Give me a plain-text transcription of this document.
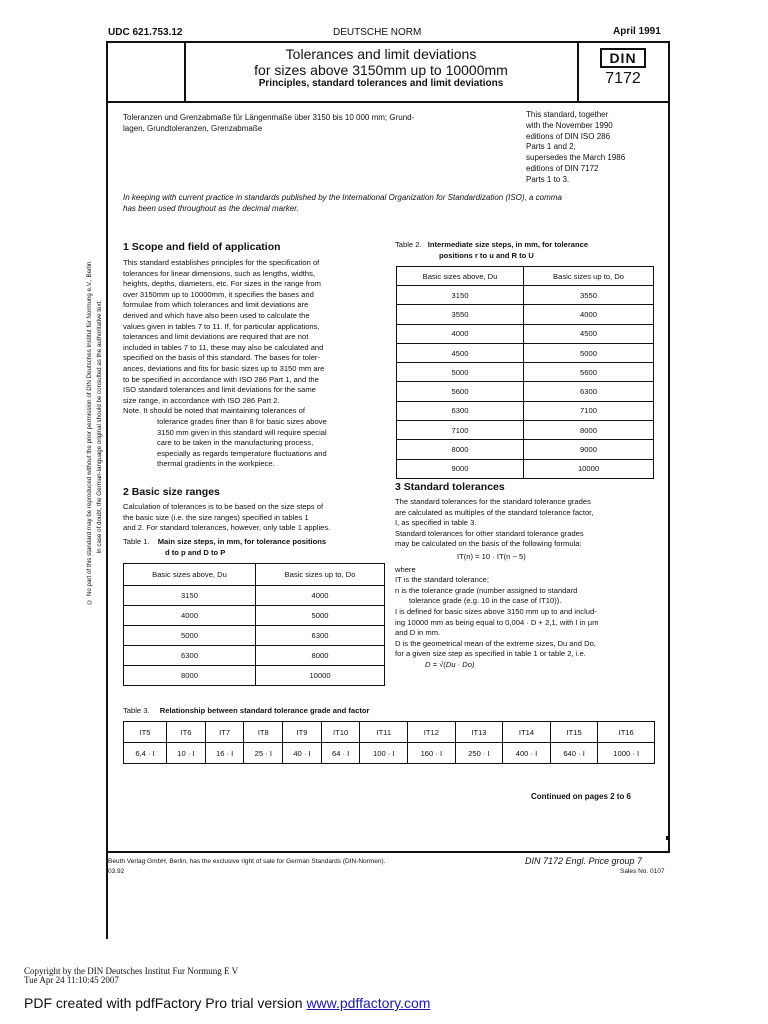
UDC 621.753.12	DEUTSCHE NORM	April 1991
Tolerances and limit deviations
for sizes above 3150mm up to 10000mm
Principles, standard tolerances and limit deviations
DIN
7172
Toleranzen und Grenzabmaße für Längenmaße über 3150 bis 10 000 mm; Grund-
lagen, Grundtoleranzen, Grenzabmaße
This standard, together
with the November 1990
editions of DIN ISO 286
Parts 1 and 2,
supersedes the March 1986
editions of DIN 7172
Parts 1 to 3.
In keeping with current practice in standards published by the International Organization for Standardization (ISO), a comma
has been used throughout as the decimal marker.
© No part of this standard may be reproduced without the prior permission of DIN Deutsches Institut für Normung e.V., Berlin. In case of doubt, the German-language original should be consulted as the authoritative text.
1 Scope and field of application

This standard establishes principles for the specification of

tolerances for linear dimensions, such as lengths, widths,

heights, depths, diameters, etc. For sizes in the range from

over 3150mm up to 10000mm, it specifies the bases and

formulae from which tolerances and limit deviations are

derived and which have also been used to calculate the

values given in tables 7 to 11. If, for particular applications,

tolerances and limit deviations are required that are not

included in tables 7 to 11, these may also be calculated and

specified on the basis of this standard. The bases for toler-

ances, deviations and fits for basic sizes up to 3150 mm are

to be specified in accordance with ISO 286 Part 1, and the

ISO standard tolerances and limit deviations for the same

size range, in accordance with ISO 286 Part 2.

Note. It should be noted that maintaining tolerances of

tolerance grades finer than 8 for basic sizes above

3150 mm given in this standard will require special

care to be taken in the manufacturing process,

especially as regards temperature fluctuations and

thermal gradients in the workpiece.

2 Basic size ranges

Calculation of tolerances is to be based on the size steps of

the basic size (i.e. the size ranges) specified in tables 1

and 2. For standard tolerances, however, only table 1 applies.

Table 1. Main size steps, in mm, for tolerance positions
d to p and D to P
Basic sizes above, Du	Basic sizes up to, Do
3150	4000
4000	5000
5000	6300
6300	8000
8000	10000
Table 2. Intermediate size steps, in mm, for tolerance
positions r to u and R to U
Basic sizes above, Du	Basic sizes up to, Do
3150	3550
3550	4000
4000	4500
4500	5000
5000	5600
5600	6300
6300	7100
7100	8000
8000	9000
9000	10000
3 Standard tolerances

The standard tolerances for the standard tolerance grades

are calculated as multiples of the standard tolerance factor,

I, as specified in table 3.

Standard tolerances for other standard tolerance grades

may be calculated on the basis of the following formula:

IT(n) = 10 · IT(n − 5)

where

IT is the standard tolerance;

n is the tolerance grade (number assigned to standard

tolerance grade (e.g. 10 in the case of IT10)).

I is defined for basic sizes above 3150 mm up to and includ-

ing 10000 mm as being equal to 0,004 · D + 2,1, with I in µm

and D in mm.

D is the geometrical mean of the extreme sizes, Du and Do,

for a given size step as specified in table 1 or table 2, i.e.

D = √(Du · Do)

Table 3. Relationship between standard tolerance grade and factor
IT5	IT6	IT7	IT8	IT9	IT10	IT11	IT12	IT13	IT14	IT15	IT16
6,4 · I	10 · I	16 · I	25 · I	40 · I	64 · I	100 · I	160 · I	250 · I	400 · I	640 · I	1000 · I
Continued on pages 2 to 6
Beuth Verlag GmbH, Berlin, has the exclusive right of sale for German Standards (DIN-Normen).
03.92
DIN 7172 Engl. Price group 7
Sales No. 0107
Copyright by the DIN Deutsches Institut Fur Normung E V
Tue Apr 24 11:10:45 2007
PDF created with pdfFactory Pro trial version www.pdffactory.com
